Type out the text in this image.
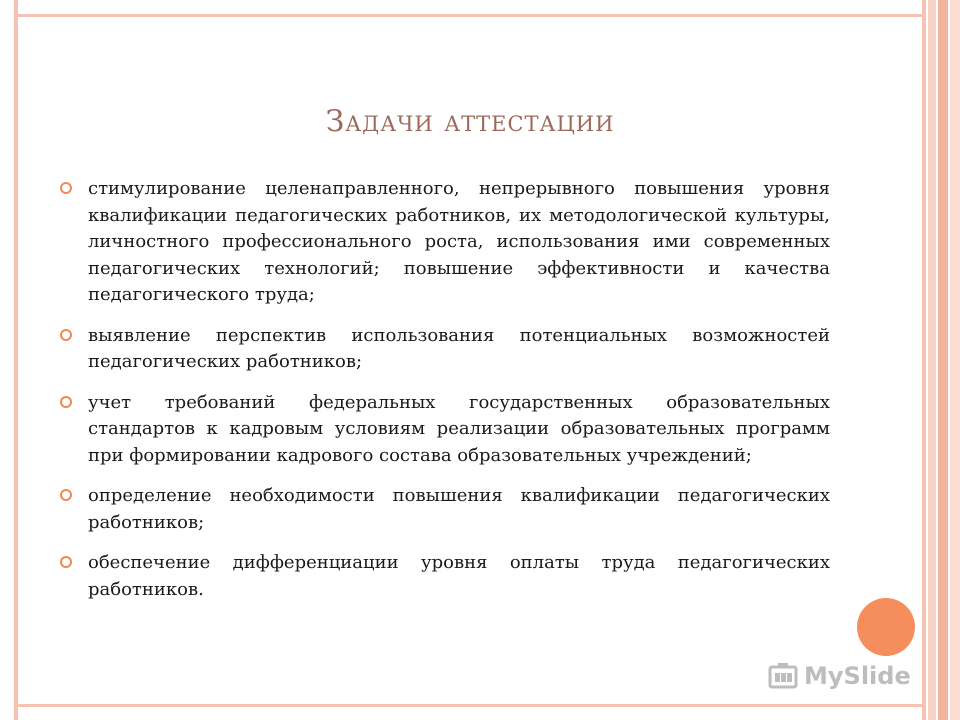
Задачи аттестации
стимулирование целенаправленного, непрерывного повышения уровня квалификации педагогических работников, их методологической культуры, личностного профессионального роста, использования ими современных педагогических технологий; повышение эффективности и качества педагогического труда;
выявление перспектив использования потенциальных возможностей педагогических работников;
учет требований федеральных государственных образовательных стандартов к кадровым условиям реализации образовательных программ при формировании кадрового состава образовательных учреждений;
определение необходимости повышения квалификации педагогических работников;
обеспечение дифференциации уровня оплаты труда педагогических работников.
MySlide
